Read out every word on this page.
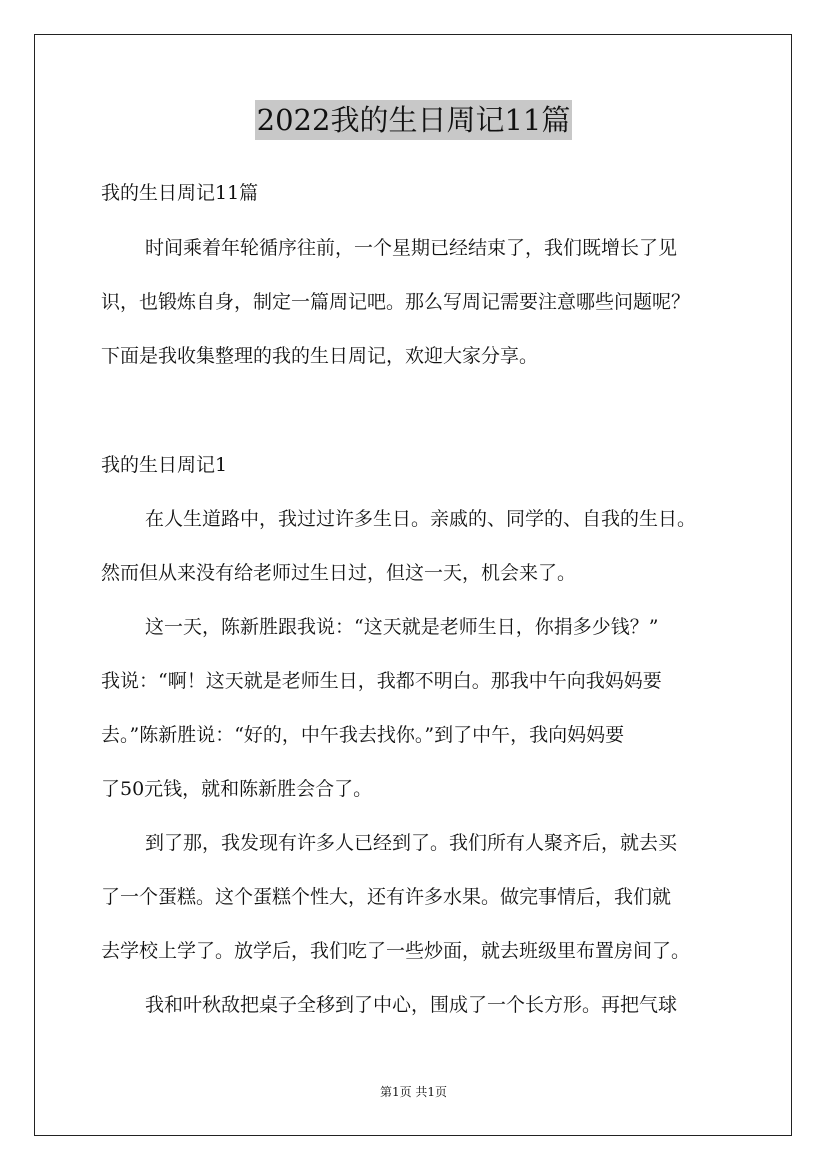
2022我的生日周记11篇
我的生日周记11篇
时间乘着年轮循序往前，一个星期已经结束了，我们既增长了见
识，也锻炼自身，制定一篇周记吧。那么写周记需要注意哪些问题呢？
下面是我收集整理的我的生日周记，欢迎大家分享。
我的生日周记1
在人生道路中，我过过许多生日。亲戚的、同学的、自我的生日。
然而但从来没有给老师过生日过，但这一天，机会来了。
这一天，陈新胜跟我说：“这天就是老师生日，你捐多少钱？”
我说：“啊！这天就是老师生日，我都不明白。那我中午向我妈妈要
去。”陈新胜说：“好的，中午我去找你。”到了中午，我向妈妈要
了50元钱，就和陈新胜会合了。
到了那，我发现有许多人已经到了。我们所有人聚齐后，就去买
了一个蛋糕。这个蛋糕个性大，还有许多水果。做完事情后，我们就
去学校上学了。放学后，我们吃了一些炒面，就去班级里布置房间了。
我和叶秋敌把桌子全移到了中心，围成了一个长方形。再把气球
第1页 共1页
